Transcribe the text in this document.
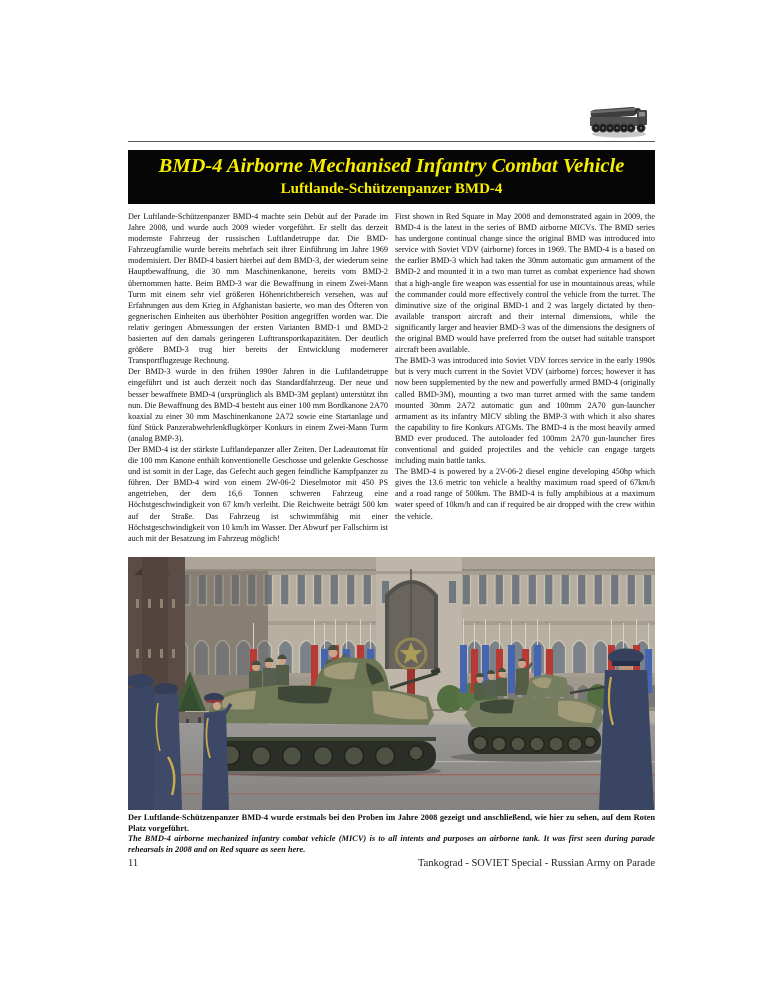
BMD-4 Airborne Mechanised Infantry Combat Vehicle
Luftlande-Schützenpanzer BMD-4

Der Luftlande-Schützenpanzer BMD-4 machte sein Debüt auf der Parade im Jahre 2008, und wurde auch 2009 wieder vorgeführt. Er stellt das derzeit modernste Fahrzeug der russischen Luftlandetruppe dar. Die BMD-Fahrzeugfamilie wurde bereits mehrfach seit ihrer Einführung im Jahre 1969 modernisiert. Der BMD-4 basiert hierbei auf dem BMD-3, der wiederum seine Hauptbewaffnung, die 30 mm Maschinenkanone, bereits vom BMD-2 übernommen hatte. Beim BMD-3 war die Bewaffnung in einem Zwei-Mann Turm mit einem sehr viel größeren Höhenrichtbereich versehen, was auf Erfahrungen aus dem Krieg in Afghanistan basierte, wo man des Öfteren von gegnerischen Einheiten aus überhöhter Position angegriffen worden war. Die relativ geringen Abmessungen der ersten Varianten BMD-1 und BMD-2 basierten auf den damals geringeren Lufttransportkapazitäten. Der deutlich größere BMD-3 trug hier bereits der Entwicklung modernerer Transportflugzeuge Rechnung.

Der BMD-3 wurde in den frühen 1990er Jahren in die Luftlandetruppe eingeführt und ist auch derzeit noch das Standardfahrzeug. Der neue und besser bewaffnete BMD-4 (ursprünglich als BMD-3M geplant) unterstützt ihn nun. Die Bewaffnung des BMD-4 besteht aus einer 100 mm Bordkanone 2A70 koaxial zu einer 30 mm Maschinenkanone 2A72 sowie eine Startanlage und fünf Stück Panzerabwehrlenkflugkörper Konkurs in einem Zwei-Mann Turm (analog BMP-3).

Der BMD-4 ist der stärkste Luftlandepanzer aller Zeiten. Der Ladeautomat für die 100 mm Kanone enthält konventionelle Geschosse und gelenkte Geschosse und ist somit in der Lage, das Gefecht auch gegen feindliche Kampfpanzer zu führen. Der BMD-4 wird von einem 2W-06-2 Dieselmotor mit 450 PS angetrieben, der dem 16,6 Tonnen schweren Fahrzeug eine Höchstgeschwindigkeit von 67 km/h verleiht. Die Reichweite beträgt 500 km auf der Straße. Das Fahrzeug ist schwimmfähig mit einer Höchstgeschwindigkeit von 10 km/h im Wasser. Der Abwurf per Fallschirm ist auch mit der Besatzung im Fahrzeug möglich!

First shown in Red Square in May 2008 and demonstrated again in 2009, the BMD-4 is the latest in the series of BMD airborne MICVs. The BMD series has undergone continual change since the original BMD was introduced into service with Soviet VDV (airborne) forces in 1969. The BMD-4 is a based on the earlier BMD-3 which had taken the 30mm automatic gun armament of the BMD-2 and mounted it in a two man turret as combat experience had shown that a high-angle fire weapon was essential for use in mountainous areas, while the commander could more effectively control the vehicle from the turret. The diminutive size of the original BMD-1 and 2 was largely dictated by then-available transport aircraft and their internal dimensions, while the significantly larger and heavier BMD-3 was of the dimensions the designers of the original BMD would have preferred from the outset had suitable transport aircraft been available.

The BMD-3 was introduced into Soviet VDV forces service in the early 1990s but is very much current in the Soviet VDV (airborne) forces; however it has now been supplemented by the new and powerfully armed BMD-4 (originally called BMD-3M), mounting a two man turret armed with the same tandem mounted 30mm 2A72 automatic gun and 100mm 2A70 gun-launcher armament as its infantry MICV sibling the BMP-3 with which it also shares the capability to fire Konkurs ATGMs. The BMD-4 is the most heavily armed BMD ever produced. The autoloader fed 100mm 2A70 gun-launcher fires conventional and guided projectiles and the vehicle can engage targets including main battle tanks.

The BMD-4 is powered by a 2V-06-2 diesel engine developing 450hp which gives the 13.6 metric ton vehicle a healthy maximum road speed of 67km/h and a road range of 500km. The BMD-4 is fully amphibious at a maximum water speed of 10km/h and can if required be air dropped with the crew within the vehicle.

Der Luftlande-Schützenpanzer BMD-4 wurde erstmals bei den Proben im Jahre 2008 gezeigt und anschließend, wie hier zu sehen, auf dem Roten Platz vorgeführt.

The BMD-4 airborne mechanized infantry combat vehicle (MICV) is to all intents and purposes an airborne tank. It was first seen during parade rehearsals in 2008 and on Red square as seen here.

11	Tankograd - SOVIET Special - Russian Army on Parade
